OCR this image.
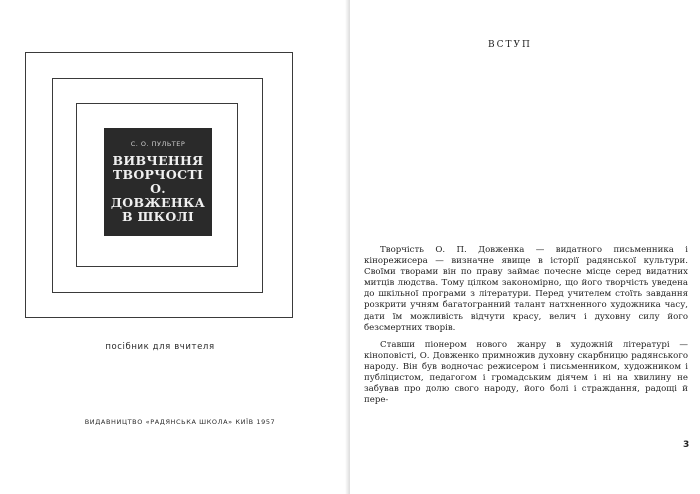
С. О. ПУЛЬТЕР
ВИВЧЕННЯ
ТВОРЧОСТІ
О. ДОВЖЕНКА
В ШКОЛІ
посібник для вчителя
ВИДАВНИЦТВО «РАДЯНСЬКА ШКОЛА» КИЇВ 1957
ВСТУП

Творчість О. П. Довженка — видатного письменника і кінорежисера — визначне явище в історії радянської культури. Своїми творами він по праву займає почесне місце серед видатних митців людства. Тому цілком закономірно, що його творчість уведена до шкільної програми з літератури. Перед учителем стоїть завдання розкрити учням багатогранний талант натхненного художника часу, дати їм можливість відчути красу, велич і духовну силу його безсмертних творів.

Ставши піонером нового жанру в художній літературі — кіноповісті, О. Довженко примножив духовну скарбницю радянського народу. Він був водночас режисером і письменником, художником і публіцистом, педагогом і громадським діячем і ні на хвилину не забував про долю свого народу, його болі і страждання, радощі й пере-

3
